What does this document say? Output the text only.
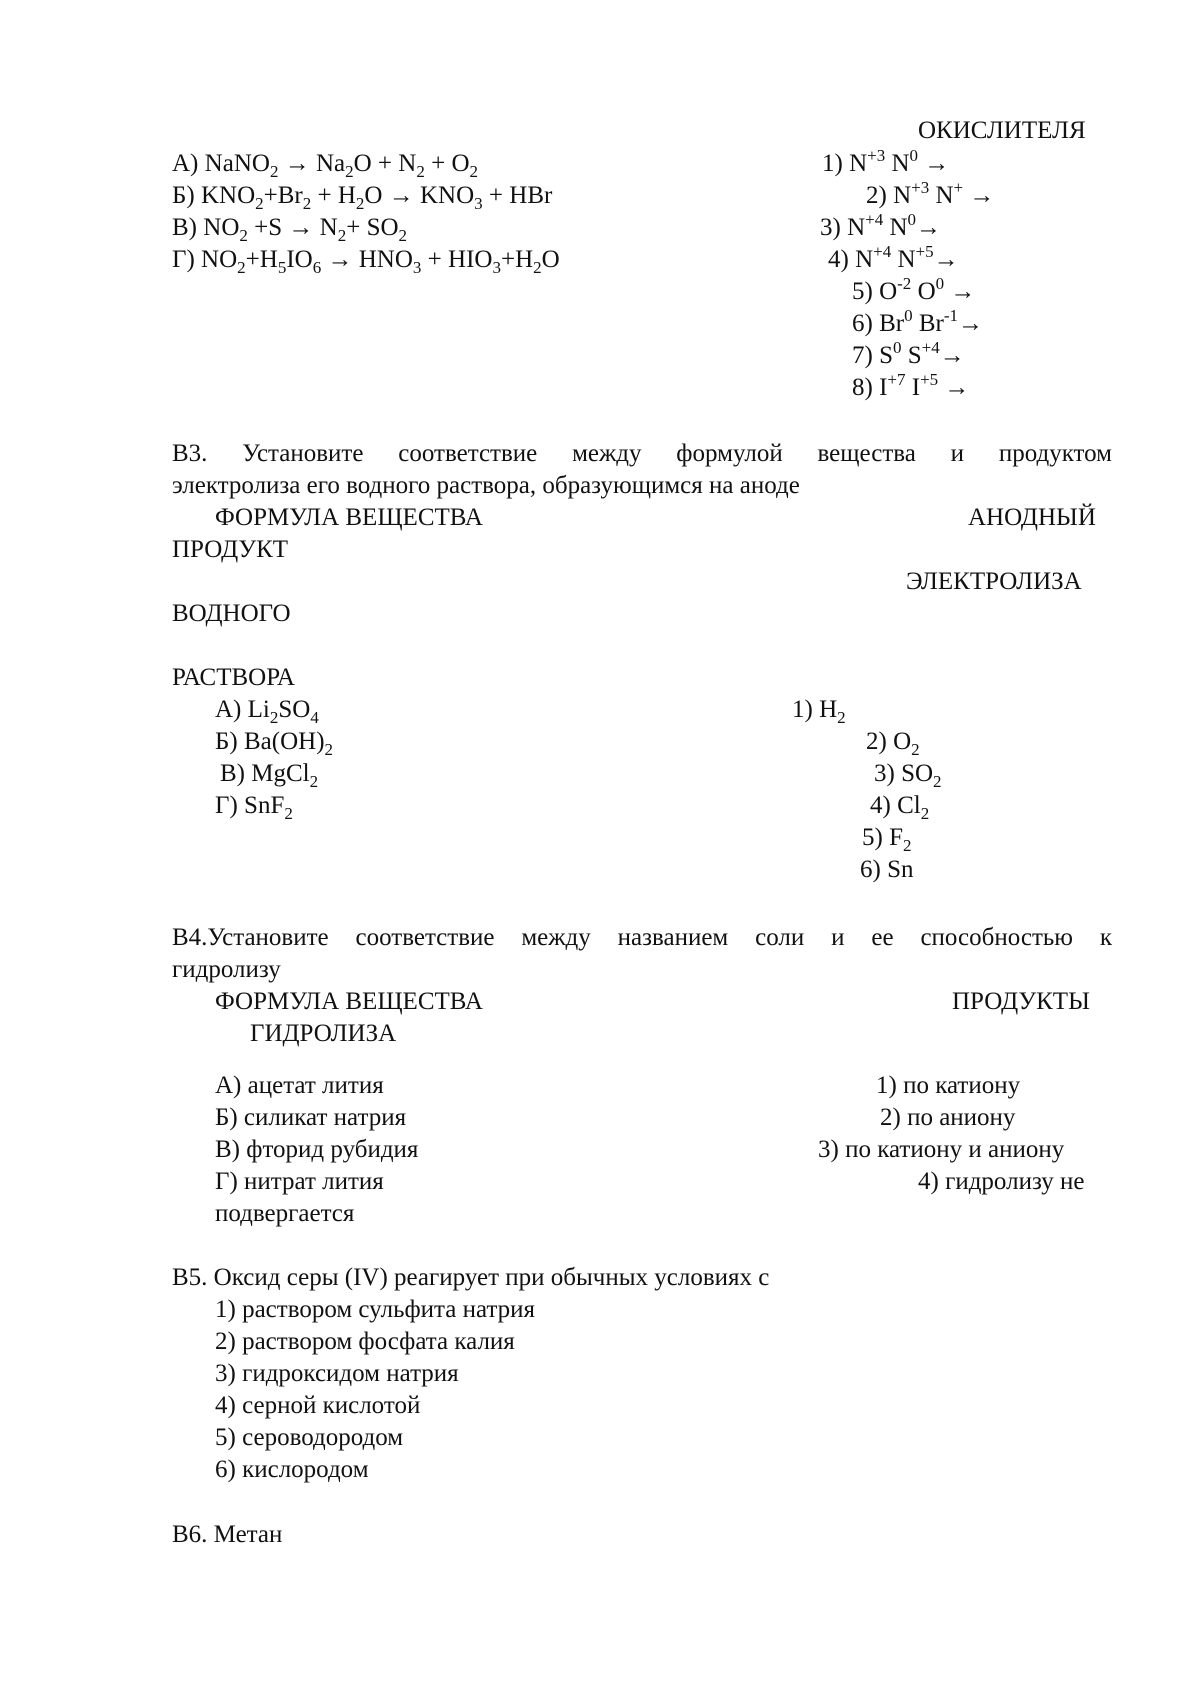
ОКИСЛИТЕЛЯ
А) NaNO$_2$ → $Na_2O + N_2 + O_2$
Б) $KNO_2+Br_2 + H_2O \to KNO_3$ + HBr
В) $NO_2 +S \to N_2+ SO_2$
Г) $NO_2+H_5IO_6 \to HNO_3 + HIO_3+H_2O$
1) $N^{+3}$ $N^0$ →
2) $N^{+3}$ N+ →
3) $N^{+4}$ $N^0\to$
4) $N^{+4}$ $N^{+5}\to$
5) $O^{-2}$ $O^0$ →
6) Br$^0$ $Br^{-1}\to$
7) $S^0$ $S^{+4}\to$
8) $I^{+7}$ $I^{+5}$ →
В3. Установите соответствие между формулой вещества и продуктом
электролиза его водного раствора, образующимся на аноде
ФОРМУЛА ВЕЩЕСТВА	АНОДНЫЙ
ПРОДУКТ
ЭЛЕКТРОЛИЗА
ВОДНОГО
РАСТВОРА
А) $Li_2SO_4$
Б) $Ba(OH)_2$
В) MgCl$_2$
Г) SnF$_2$
1) $H_2$
2) $O_2$
3) $SO_2$
4) $Cl_2$
5) $F_2$
6) Sn
В4.Установите соответствие между названием соли и ее способностью к
гидролизу
ФОРМУЛА ВЕЩЕСТВА	ПРОДУКТЫ
ГИДРОЛИЗА
А) ацетат лития
Б) силикат натрия
В) фторид рубидия
Г) нитрат лития
подвергается
1) по катиону
2) по аниону
3) по катиону и аниону
4) гидролизу не
В5. Оксид серы (IV) реагирует при обычных условиях с
1) раствором сульфита натрия
2) раствором фосфата калия
3) гидроксидом натрия
4) серной кислотой
5) сероводородом
6) кислородом
В6. Метан
